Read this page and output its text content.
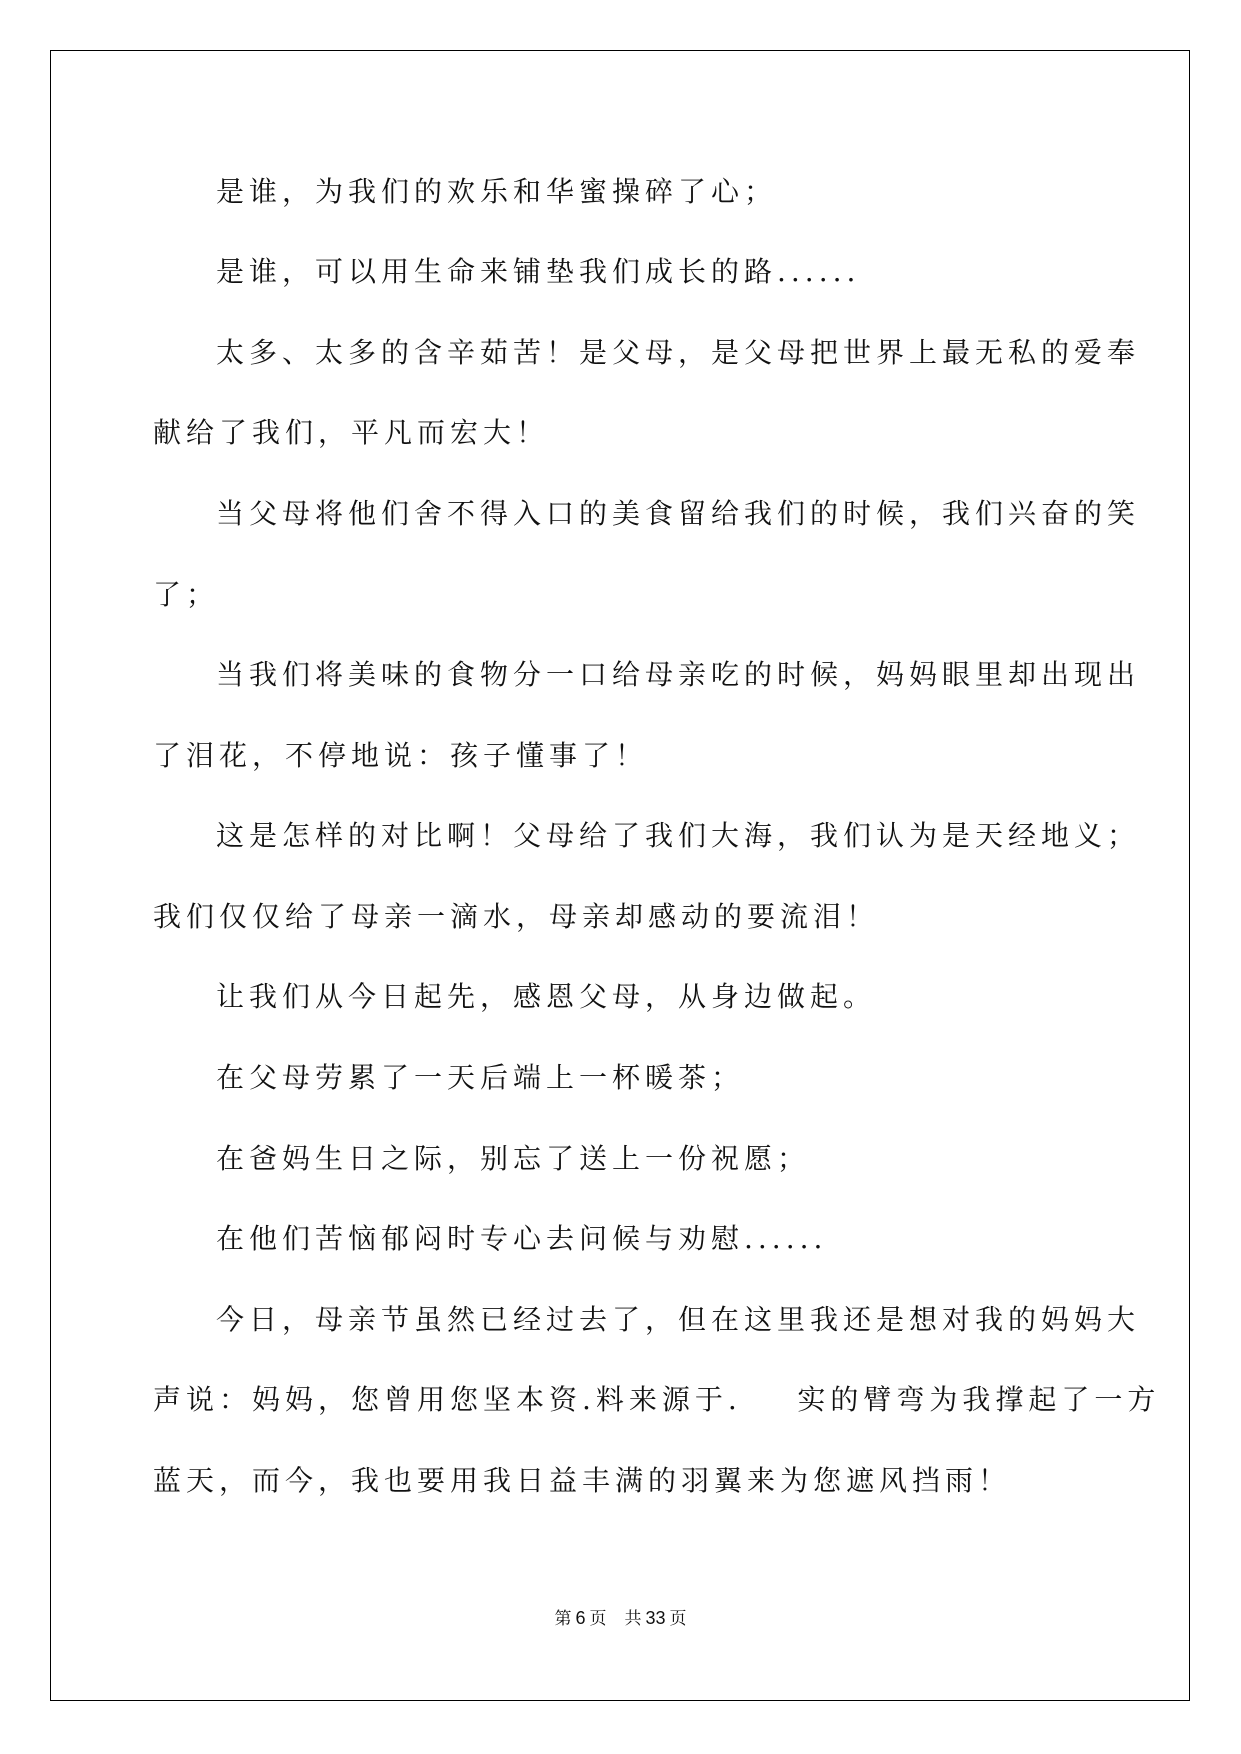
是谁，为我们的欢乐和华蜜操碎了心；
是谁，可以用生命来铺垫我们成长的路......
太多、太多的含辛茹苦！是父母，是父母把世界上最无私的爱奉
献给了我们，平凡而宏大！
当父母将他们舍不得入口的美食留给我们的时候，我们兴奋的笑
了；
当我们将美味的食物分一口给母亲吃的时候，妈妈眼里却出现出
了泪花，不停地说：孩子懂事了！
这是怎样的对比啊！父母给了我们大海，我们认为是天经地义；
我们仅仅给了母亲一滴水，母亲却感动的要流泪！
让我们从今日起先，感恩父母，从身边做起。
在父母劳累了一天后端上一杯暖茶；
在爸妈生日之际，别忘了送上一份祝愿；
在他们苦恼郁闷时专心去问候与劝慰......
今日，母亲节虽然已经过去了，但在这里我还是想对我的妈妈大
声说：妈妈，您曾用您坚本资.料来源于.    实的臂弯为我撑起了一方
蓝天，而今，我也要用我日益丰满的羽翼来为您遮风挡雨！
第 6 页 共 33 页
